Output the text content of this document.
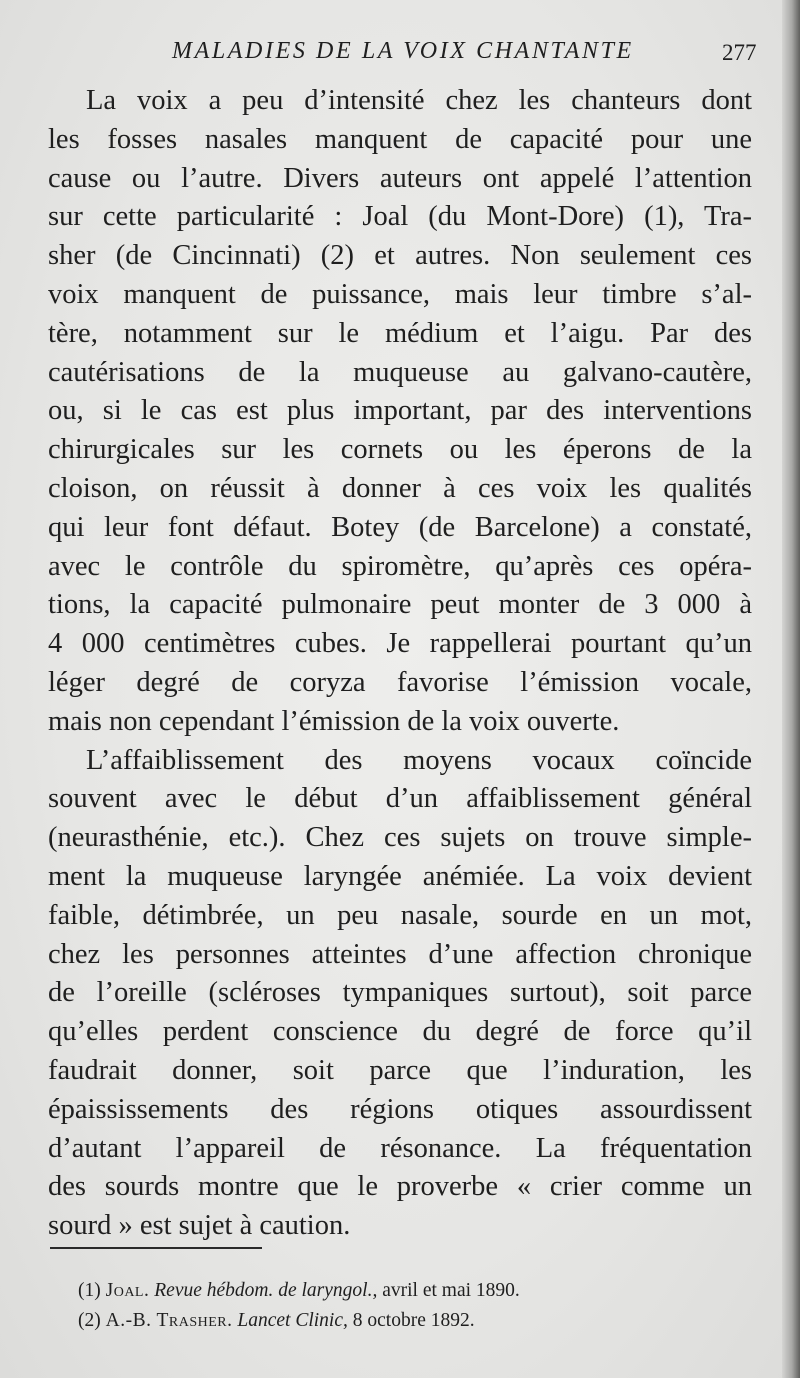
MALADIES DE LA VOIX CHANTANTE	277
La voix a peu d’intensité chez les chanteurs dont
les fosses nasales manquent de capacité pour une
cause ou l’autre. Divers auteurs ont appelé l’attention
sur cette particularité : Joal (du Mont-Dore) (1), Tra-
sher (de Cincinnati) (2) et autres. Non seulement ces
voix manquent de puissance, mais leur timbre s’al-
tère, notamment sur le médium et l’aigu. Par des
cautérisations de la muqueuse au galvano-cautère,
ou, si le cas est plus important, par des interventions
chirurgicales sur les cornets ou les éperons de la
cloison, on réussit à donner à ces voix les qualités
qui leur font défaut. Botey (de Barcelone) a constaté,
avec le contrôle du spiromètre, qu’après ces opéra-
tions, la capacité pulmonaire peut monter de 3 000 à
4 000 centimètres cubes. Je rappellerai pourtant qu’un
léger degré de coryza favorise l’émission vocale,
mais non cependant l’émission de la voix ouverte.
L’affaiblissement des moyens vocaux coïncide
souvent avec le début d’un affaiblissement général
(neurasthénie, etc.). Chez ces sujets on trouve simple-
ment la muqueuse laryngée anémiée. La voix devient
faible, détimbrée, un peu nasale, sourde en un mot,
chez les personnes atteintes d’une affection chronique
de l’oreille (scléroses tympaniques surtout), soit parce
qu’elles perdent conscience du degré de force qu’il
faudrait donner, soit parce que l’induration, les
épaississements des régions otiques assourdissent
d’autant l’appareil de résonance. La fréquentation
des sourds montre que le proverbe « crier comme un
sourd » est sujet à caution.
(1) Joal. Revue hébdom. de laryngol., avril et mai 1890.
(2) A.-B. Trasher. Lancet Clinic, 8 octobre 1892.
